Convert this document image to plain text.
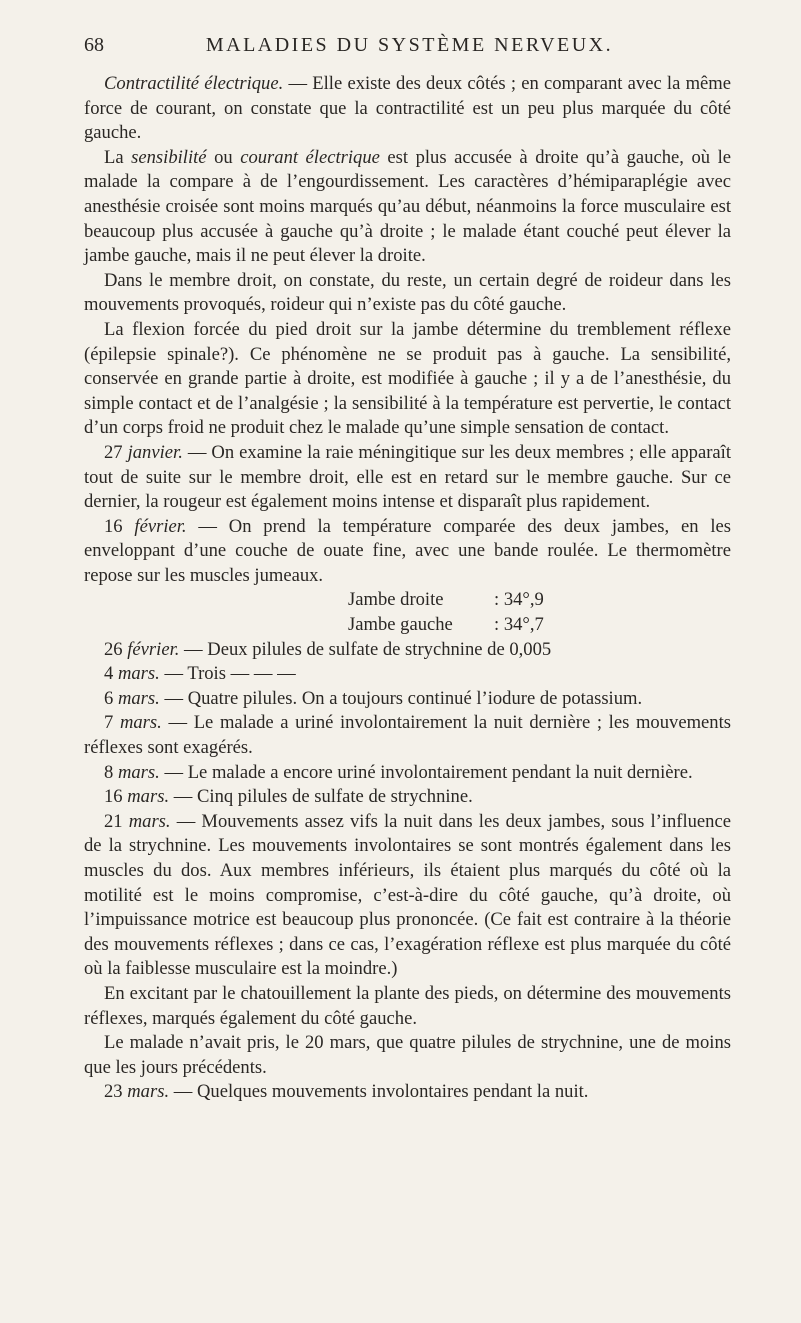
68	MALADIES DU SYSTÈME NERVEUX.

Contractilité électrique. — Elle existe des deux côtés ; en comparant avec la même force de courant, on constate que la contractilité est un peu plus marquée du côté gauche.

La sensibilité ou courant électrique est plus accusée à droite qu’à gauche, où le malade la compare à de l’engourdissement. Les caractères d’hémiparaplégie avec anesthésie croisée sont moins marqués qu’au début, néanmoins la force musculaire est beaucoup plus accusée à gauche qu’à droite ; le malade étant couché peut élever la jambe gauche, mais il ne peut élever la droite.

Dans le membre droit, on constate, du reste, un certain degré de roideur dans les mouvements provoqués, roideur qui n’existe pas du côté gauche.

La flexion forcée du pied droit sur la jambe détermine du tremblement réflexe (épilepsie spinale?). Ce phénomène ne se produit pas à gauche. La sensibilité, conservée en grande partie à droite, est modifiée à gauche ; il y a de l’anesthésie, du simple contact et de l’analgésie ; la sensibilité à la température est pervertie, le contact d’un corps froid ne produit chez le malade qu’une simple sensation de contact.

27 janvier. — On examine la raie méningitique sur les deux membres ; elle apparaît tout de suite sur le membre droit, elle est en retard sur le membre gauche. Sur ce dernier, la rougeur est également moins intense et disparaît plus rapidement.

16 février. — On prend la température comparée des deux jambes, en les enveloppant d’une couche de ouate fine, avec une bande roulée. Le thermomètre repose sur les muscles jumeaux.

Jambe droite	: 34°,9
Jambe gauche	: 34°,7

26 février. — Deux pilules de sulfate de strychnine de 0,005

4 mars. — Trois — — —

6 mars. — Quatre pilules. On a toujours continué l’iodure de potassium.

7 mars. — Le malade a uriné involontairement la nuit dernière ; les mouvements réflexes sont exagérés.

8 mars. — Le malade a encore uriné involontairement pendant la nuit dernière.

16 mars. — Cinq pilules de sulfate de strychnine.

21 mars. — Mouvements assez vifs la nuit dans les deux jambes, sous l’influence de la strychnine. Les mouvements involontaires se sont montrés également dans les muscles du dos. Aux membres inférieurs, ils étaient plus marqués du côté où la motilité est le moins compromise, c’est-à-dire du côté gauche, qu’à droite, où l’impuissance motrice est beaucoup plus prononcée. (Ce fait est contraire à la théorie des mouvements réflexes ; dans ce cas, l’exagération réflexe est plus marquée du côté où la faiblesse musculaire est la moindre.)

En excitant par le chatouillement la plante des pieds, on détermine des mouvements réflexes, marqués également du côté gauche.

Le malade n’avait pris, le 20 mars, que quatre pilules de strychnine, une de moins que les jours précédents.

23 mars. — Quelques mouvements involontaires pendant la nuit.
